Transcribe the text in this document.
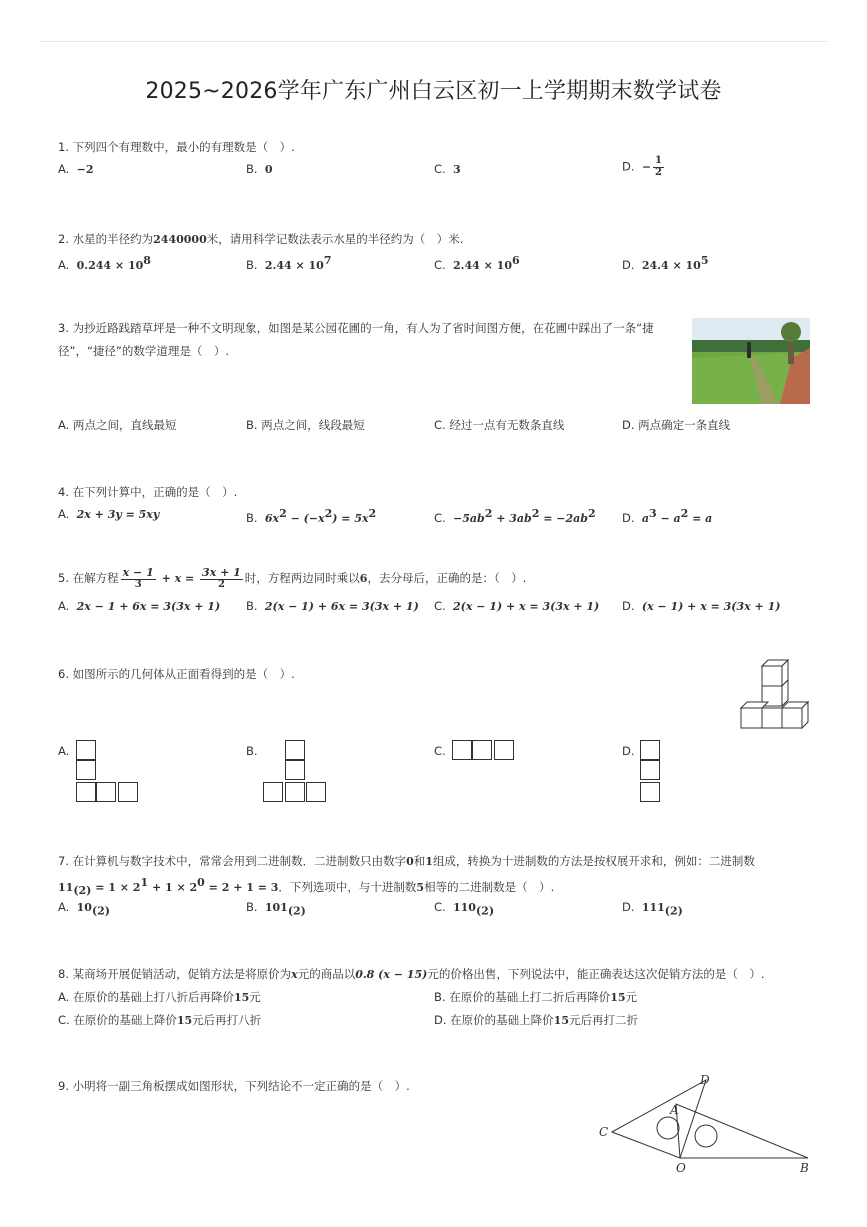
2025~2026学年广东广州白云区初一上学期期末数学试卷
1. 下列四个有理数中，最小的有理数是（　）.
A. −2	B. 0	C. 3	D. − $\frac{1}{2}$
2. 水星的半径约为2440000米，请用科学记数法表示水星的半径约为（　）米.
A. $0.244 \times 10^8$	B. $2.44 \times 10^7$	C. $2.44 \times 10^6$	D. $24.4 \times 10^5$
3. 为抄近路践踏草坪是一种不文明现象，如图是某公园花圃的一角，有人为了省时间图方便，在花圃中踩出了一条“捷
径”，“捷径”的数学道理是（　）.
A. 两点之间，直线最短	B. 两点之间，线段最短	C. 经过一点有无数条直线	D. 两点确定一条直线
4. 在下列计算中，正确的是（　）.
A. 2x + 3y = 5xy	B. $6x^2 - (-x^2) = 5x^2$	C. $-5ab^2 + 3ab^2 = -2ab^2$ D. $a^3 - a^2 = a$
5. 在解方程 $\frac{x - 1}{3} + x = \frac{3x + 1}{2}$ 时，方程两边同时乘以6，去分母后，正确的是：（　）.
A. 2x − 1 + 6x = 3(3x + 1) B. 2(x − 1) + 6x = 3(3x + 1) C. 2(x − 1) + x = 3(3x + 1) D. (x − 1) + x = 3(3x + 1)
6. 如图所示的几何体从正面看得到的是（　）.
A.	B.	C.	D.
7. 在计算机与数字技术中，常常会用到二进制数．二进制数只由数字0和1组成，转换为十进制数的方法是按权展开求和，例如：二进制数
$11_{(2)} = 1 \times 2^1 + 1 \times 2^0 = 2 + 1 = 3$．下列选项中，与十进制数5相等的二进制数是（　）.
A. $10_{(2)}$	B. $101_{(2)}$	C. $110_{(2)}$	D. $111_{(2)}$
8. 某商场开展促销活动，促销方法是将原价为x元的商品以0.8 (x − 15)元的价格出售，下列说法中，能正确表达这次促销方法的是（　）.
A. 在原价的基础上打八折后再降价15元	B. 在原价的基础上打二折后再降价15元
C. 在原价的基础上降价15元后再打八折	D. 在原价的基础上降价15元后再打二折
9. 小明将一副三角板摆成如图形状，下列结论不一定正确的是（　）.	D
A
C
O	B
